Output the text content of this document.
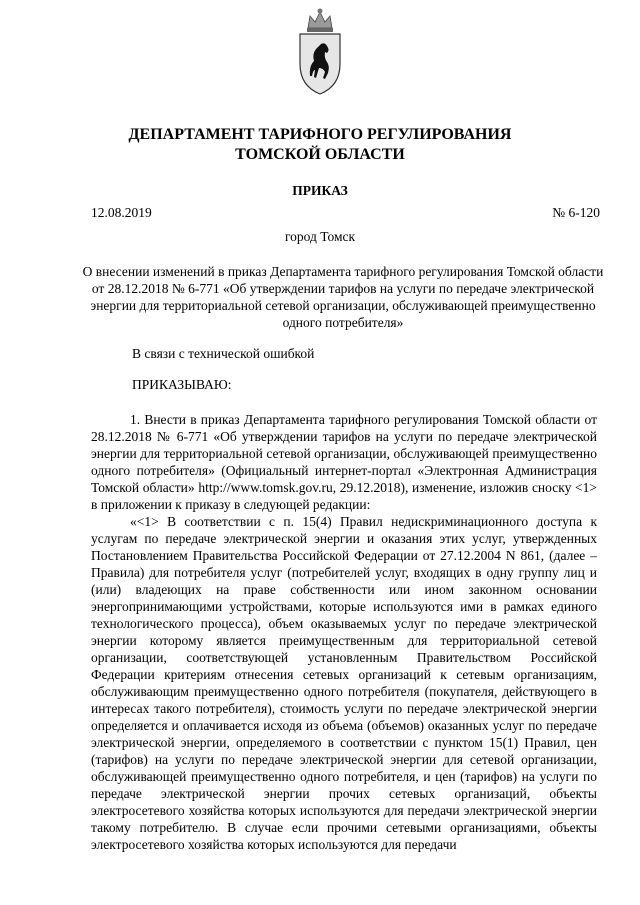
ДЕПАРТАМЕНТ ТАРИФНОГО РЕГУЛИРОВАНИЯ
ТОМСКОЙ ОБЛАСТИ
ПРИКАЗ
12.08.2019	№ 6-120
город Томск
О внесении изменений в приказ Департамента тарифного регулирования Томской области от 28.12.2018 № 6-771 «Об утверждении тарифов на услуги по передаче электрической энергии для территориальной сетевой организации, обслуживающей преимущественно одного потребителя»
В связи с технической ошибкой
ПРИКАЗЫВАЮ:

1. Внести в приказ Департамента тарифного регулирования Томской области от 28.12.2018 № 6-771 «Об утверждении тарифов на услуги по передаче электрической энергии для территориальной сетевой организации, обслуживающей преимущественно одного потребителя» (Официальный интернет-портал «Электронная Администрация Томской области» http://www.tomsk.gov.ru, 29.12.2018), изменение, изложив сноску <1> в приложении к приказу в следующей редакции:

«<1> В соответствии с п. 15(4) Правил недискриминационного доступа к услугам по передаче электрической энергии и оказания этих услуг, утвержденных Постановлением Правительства Российской Федерации от 27.12.2004 N 861, (далее – Правила) для потребителя услуг (потребителей услуг, входящих в одну группу лиц и (или) владеющих на праве собственности или ином законном основании энергопринимающими устройствами, которые используются ими в рамках единого технологического процесса), объем оказываемых услуг по передаче электрической энергии которому является преимущественным для территориальной сетевой организации, соответствующей установленным Правительством Российской Федерации критериям отнесения сетевых организаций к сетевым организациям, обслуживающим преимущественно одного потребителя (покупателя, действующего в интересах такого потребителя), стоимость услуги по передаче электрической энергии определяется и оплачивается исходя из объема (объемов) оказанных услуг по передаче электрической энергии, определяемого в соответствии с пунктом 15(1) Правил, цен (тарифов) на услуги по передаче электрической энергии для сетевой организации, обслуживающей преимущественно одного потребителя, и цен (тарифов) на услуги по передаче электрической энергии прочих сетевых организаций, объекты электросетевого хозяйства которых используются для передачи электрической энергии такому потребителю. В случае если прочими сетевыми организациями, объекты электросетевого хозяйства которых используются для передачи
